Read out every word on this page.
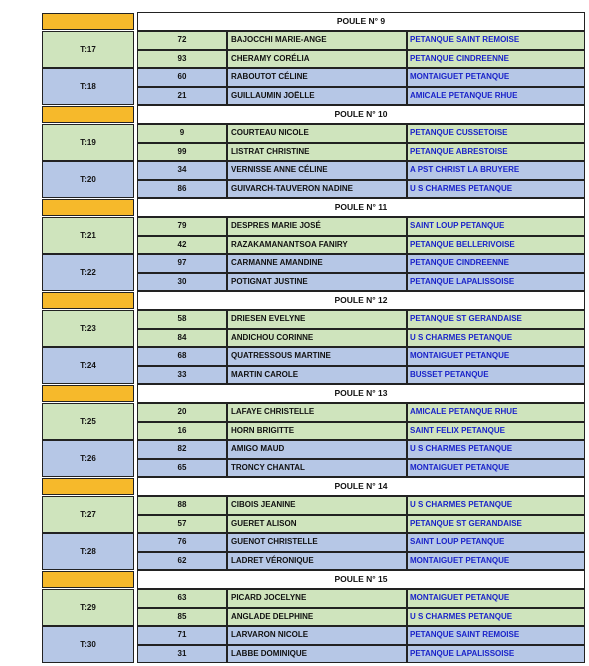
POULE N° 9
T:17
72	BAJOCCHI MARIE-ANGE	PETANQUE SAINT REMOISE
93	CHERAMY CORÉLIA	PETANQUE CINDREENNE
T:18
60	RABOUTOT CÉLINE	MONTAIGUET PETANQUE
21	GUILLAUMIN JOËLLE	AMICALE PETANQUE RHUE
POULE N° 10
T:19
9	COURTEAU NICOLE	PETANQUE CUSSETOISE
99	LISTRAT CHRISTINE	PETANQUE ABRESTOISE
T:20
34	VERNISSE ANNE CÉLINE	A PST CHRIST LA BRUYERE
86	GUIVARCH-TAUVERON NADINE	U S CHARMES PETANQUE
POULE N° 11
T:21
79	DESPRES MARIE JOSÉ	SAINT LOUP PETANQUE
42	RAZAKAMANANTSOA FANIRY	PETANQUE BELLERIVOISE
T:22
97	CARMANNE AMANDINE	PETANQUE CINDREENNE
30	POTIGNAT JUSTINE	PETANQUE LAPALISSOISE
POULE N° 12
T:23
58	DRIESEN EVELYNE	PETANQUE ST GERANDAISE
84	ANDICHOU CORINNE	U S CHARMES PETANQUE
T:24
68	QUATRESSOUS MARTINE	MONTAIGUET PETANQUE
33	MARTIN CAROLE	BUSSET PETANQUE
POULE N° 13
T:25
20	LAFAYE CHRISTELLE	AMICALE PETANQUE RHUE
16	HORN BRIGITTE	SAINT FELIX PETANQUE
T:26
82	AMIGO MAUD	U S CHARMES PETANQUE
65	TRONCY CHANTAL	MONTAIGUET PETANQUE
POULE N° 14
T:27
88	CIBOIS JEANINE	U S CHARMES PETANQUE
57	GUERET ALISON	PETANQUE ST GERANDAISE
T:28
76	GUENOT CHRISTELLE	SAINT LOUP PETANQUE
62	LADRET VÉRONIQUE	MONTAIGUET PETANQUE
POULE N° 15
T:29
63	PICARD JOCELYNE	MONTAIGUET PETANQUE
85	ANGLADE DELPHINE	U S CHARMES PETANQUE
T:30
71	LARVARON NICOLE	PETANQUE SAINT REMOISE
31	LABBE DOMINIQUE	PETANQUE LAPALISSOISE
